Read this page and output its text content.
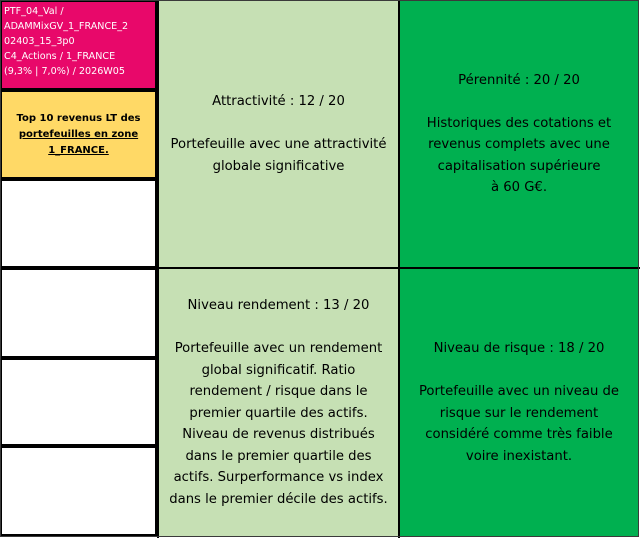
PTF_04_Val /
ADAMMixGV_1_FRANCE_2
02403_15_3p0
C4_Actions / 1_FRANCE
(9,3% | 7,0%) / 2026W05
Top 10 revenus LT des
portefeuilles en zone
1_FRANCE.

Attractivité : 12 / 20

Portefeuille avec une attractivité

globale significative

Pérennité : 20 / 20

Historiques des cotations et

revenus complets avec une

capitalisation supérieure

à 60 G€.

Niveau rendement : 13 / 20

Portefeuille avec un rendement

global significatif. Ratio

rendement / risque dans le

premier quartile des actifs.

Niveau de revenus distribués

dans le premier quartile des

actifs. Surperformance vs index

dans le premier décile des actifs.

Niveau de risque : 18 / 20

Portefeuille avec un niveau de

risque sur le rendement

considéré comme très faible

voire inexistant.
